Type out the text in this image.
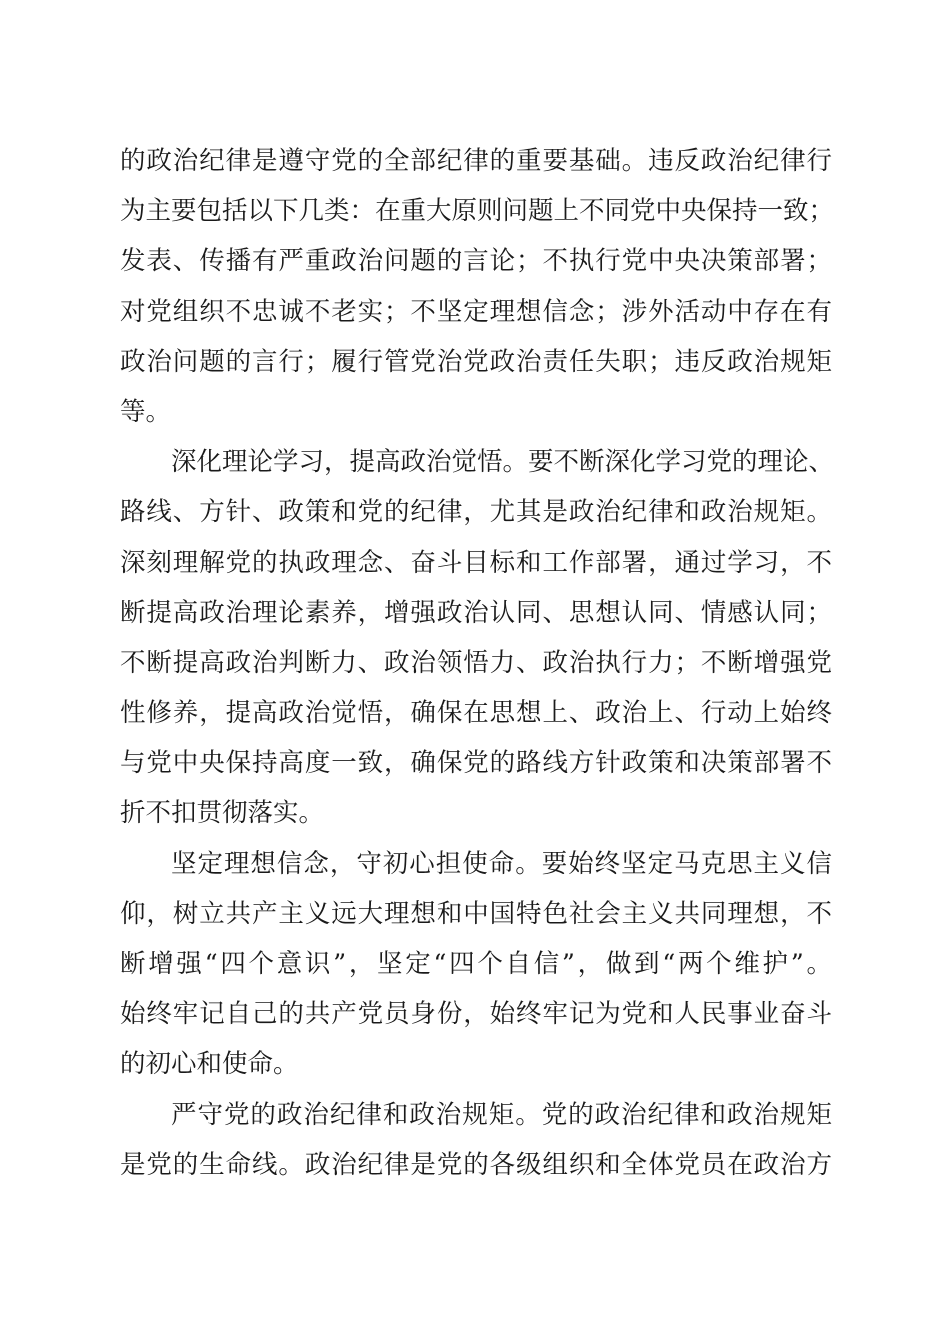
的政治纪律是遵守党的全部纪律的重要基础。违反政治纪律行
为主要包括以下几类：在重大原则问题上不同党中央保持一致；
发表、传播有严重政治问题的言论；不执行党中央决策部署；
对党组织不忠诚不老实；不坚定理想信念；涉外活动中存在有
政治问题的言行；履行管党治党政治责任失职；违反政治规矩
等。
深化理论学习，提高政治觉悟。要不断深化学习党的理论、
路线、方针、政策和党的纪律，尤其是政治纪律和政治规矩。
深刻理解党的执政理念、奋斗目标和工作部署，通过学习，不
断提高政治理论素养，增强政治认同、思想认同、情感认同；
不断提高政治判断力、政治领悟力、政治执行力；不断增强党
性修养，提高政治觉悟，确保在思想上、政治上、行动上始终
与党中央保持高度一致，确保党的路线方针政策和决策部署不
折不扣贯彻落实。
坚定理想信念，守初心担使命。要始终坚定马克思主义信
仰，树立共产主义远大理想和中国特色社会主义共同理想，不
断增强“四个意识”，坚定“四个自信”，做到“两个维护”。
始终牢记自己的共产党员身份，始终牢记为党和人民事业奋斗
的初心和使命。
严守党的政治纪律和政治规矩。党的政治纪律和政治规矩
是党的生命线。政治纪律是党的各级组织和全体党员在政治方
